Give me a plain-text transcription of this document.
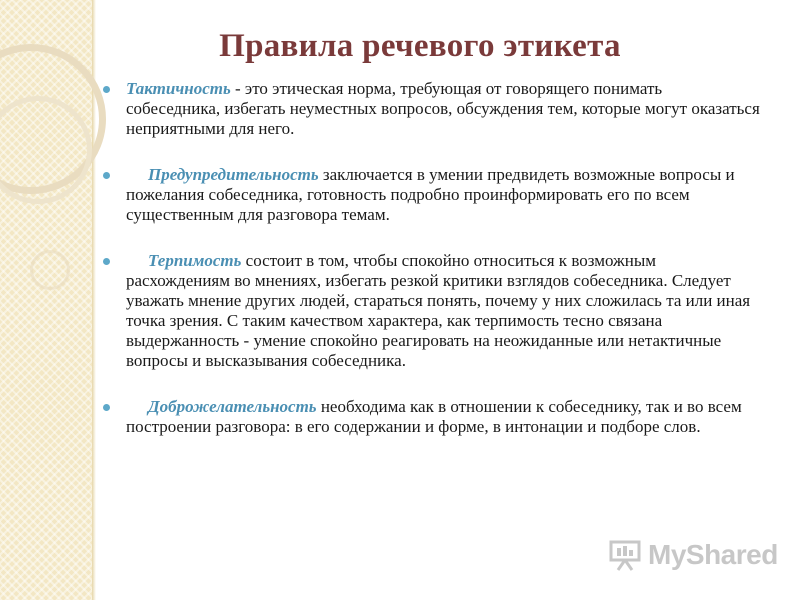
Правила речевого этикета
Тактичность - это этическая норма, требующая от говорящего понимать собеседника, избегать неуместных вопросов, обсуждения тем, которые могут оказаться неприятными для него.
Предупредительность заключается в умении предвидеть возможные вопросы и пожелания собеседника, готовность подробно проинформировать его по всем существенным для разговора темам.
Терпимость состоит в том, чтобы спокойно относиться к возможным расхождениям во мнениях, избегать резкой критики взглядов собеседника. Следует уважать мнение других людей, стараться понять, почему у них сложилась та или иная точка зрения. С таким качеством характера, как терпимость тесно связана выдержанность - умение спокойно реагировать на неожиданные или нетактичные вопросы и высказывания собеседника.
Доброжелательность необходима как в отношении к собеседнику, так и во всем построении разговора: в его содержании и форме, в интонации и подборе слов.
MyShared
